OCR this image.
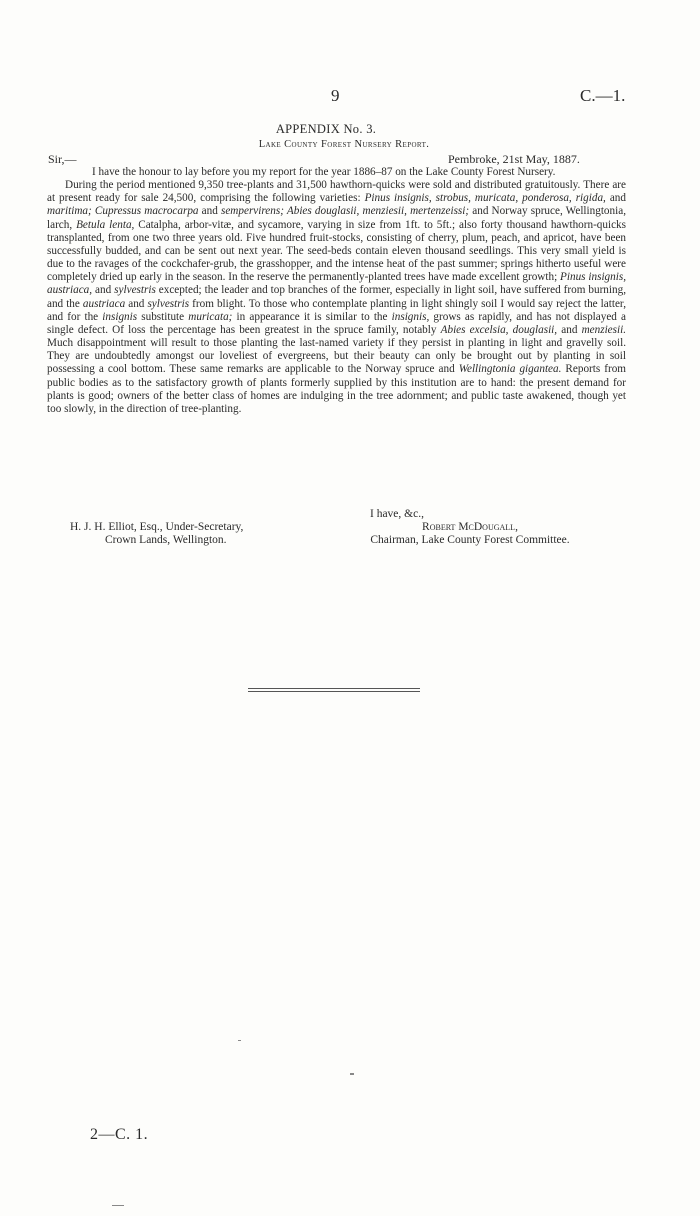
9	C.—1.
APPENDIX No. 3.
Lake County Forest Nursery Report.
Sir,—	Pembroke, 21st May, 1887.

I have the honour to lay before you my report for the year 1886–87 on the Lake County Forest Nursery.

During the period mentioned 9,350 tree-plants and 31,500 hawthorn-quicks were sold and distributed gratuitously. There are at present ready for sale 24,500, comprising the following varieties: Pinus insignis, strobus, muricata, ponderosa, rigida, and maritima; Cupressus macrocarpa and sempervirens; Abies douglasii, menziesii, mertenzeissi; and Norway spruce, Wellingtonia, larch, Betula lenta, Catalpha, arbor-vitæ, and sycamore, varying in size from 1ft. to 5ft.; also forty thousand hawthorn-quicks transplanted, from one two three years old. Five hundred fruit-stocks, consisting of cherry, plum, peach, and apricot, have been successfully budded, and can be sent out next year. The seed-beds contain eleven thousand seedlings. This very small yield is due to the ravages of the cockchafer-grub, the grasshopper, and the intense heat of the past summer; springs hitherto useful were completely dried up early in the season. In the reserve the permanently-planted trees have made excellent growth; Pinus insignis, austriaca, and sylvestris excepted; the leader and top branches of the former, especially in light soil, have suffered from burning, and the austriaca and sylvestris from blight. To those who contemplate planting in light shingly soil I would say reject the latter, and for the insignis substitute muricata; in appearance it is similar to the insignis, grows as rapidly, and has not displayed a single defect. Of loss the percentage has been greatest in the spruce family, notably Abies excelsia, douglasii, and menziesii. Much disappointment will result to those planting the last-named variety if they persist in planting in light and gravelly soil. They are undoubtedly amongst our loveliest of evergreens, but their beauty can only be brought out by planting in soil possessing a cool bottom. These same remarks are applicable to the Norway spruce and Wellingtonia gigantea. Reports from public bodies as to the satisfactory growth of plants formerly supplied by this institution are to hand: the present demand for plants is good; owners of the better class of homes are indulging in the tree adornment; and public taste awakened, though yet too slowly, in the direction of tree-planting.

I have, &c.,
H. J. H. Elliot, Esq., Under-Secretary,
Crown Lands, Wellington.
Robert McDougall,
Chairman, Lake County Forest Committee.
2—C. 1.
